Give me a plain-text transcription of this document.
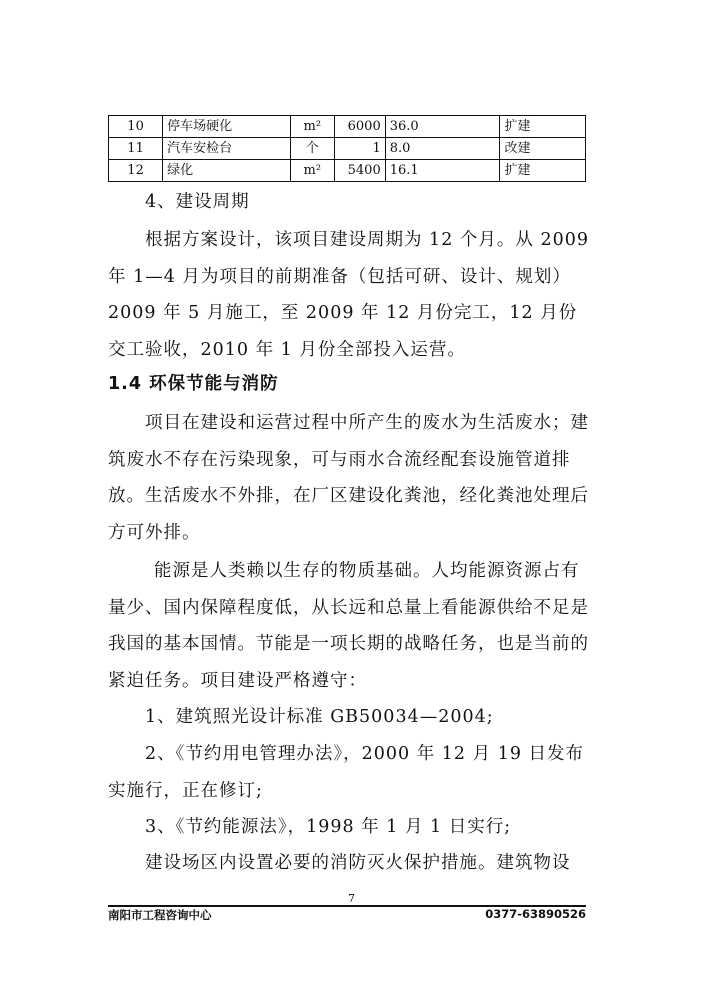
10	停车场硬化	m²	6000	36.0	扩建
11	汽车安检台	个	1	8.0	改建
12	绿化	m²	5400	16.1	扩建

4、建设周期

根据方案设计，该项目建设周期为 12 个月。从 2009 年 1—4 月为项目的前期准备（包括可研、设计、规划） 2009 年 5 月施工，至 2009 年 12 月份完工，12 月份交工验收，2010 年 1 月份全部投入运营。

1.4 环保节能与消防

项目在建设和运营过程中所产生的废水为生活废水；建筑废水不存在污染现象，可与雨水合流经配套设施管道排放。生活废水不外排，在厂区建设化粪池，经化粪池处理后方可外排。

能源是人类赖以生存的物质基础。人均能源资源占有量少、国内保障程度低，从长远和总量上看能源供给不足是我国的基本国情。节能是一项长期的战略任务，也是当前的紧迫任务。项目建设严格遵守：

1、建筑照光设计标准 GB50034—2004;

2、《节约用电管理办法》，2000 年 12 月 19 日发布实施行，正在修订;

3、《节约能源法》，1998 年 1 月 1 日实行;

建设场区内设置必要的消防灭火保护措施。建筑物设

7
南阳市工程咨询中心	0377-63890526
